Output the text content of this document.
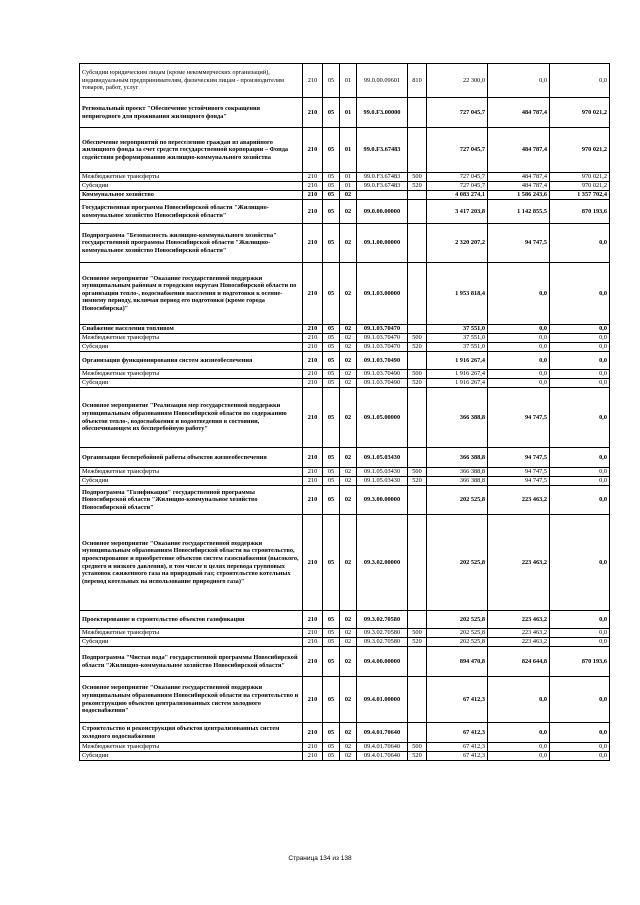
Субсидии юридическим лицам (кроме некоммерческих организаций), индивидуальным предпринимателям, физическим лицам - производителям товаров, работ, услуг	210	05	01	99.0.00.09601	810	22 300,0	0,0	0,0
Региональный проект "Обеспечение устойчивого сокращения непригодного для проживания жилищного фонда"	210	05	01	99.0.F3.00000		727 045,7	484 787,4	970 021,2
Обеспечение мероприятий по переселению граждан из аварийного жилищного фонда за счет средств государственной корпорации – Фонда содействия реформированию жилищно-коммунального хозяйства	210	05	01	99.0.F3.67483		727 045,7	484 787,4	970 021,2
Межбюджетные трансферты	210	05	01	99.0.F3.67483	500	727 045,7	484 787,4	970 021,2
Субсидии	210	05	01	99.0.F3.67483	520	727 045,7	484 787,4	970 021,2
Коммунальное хозяйство	210	05	02			4 083 274,1	1 586 243,6	1 357 702,4
Государственная программа Новосибирской области "Жилищно-коммунальное хозяйство Новосибирской области"	210	05	02	09.0.00.00000		3 417 203,8	1 142 855,5	870 193,6
Подпрограмма "Безопасность жилищно-коммунального хозяйства" государственной программы Новосибирской области "Жилищно-коммунальное хозяйство Новосибирской области"	210	05	02	09.1.00.00000		2 320 207,2	94 747,5	0,0
Основное мероприятие "Оказание государственной поддержки муниципальным районам и городским округам Новосибирской области по организации тепло-, водоснабжения населения и подготовки к осенне-зимнему периоду, включая период его подготовки (кроме города Новосибирска)"	210	05	02	09.1.03.00000		1 953 818,4	0,0	0,0
Снабжение населения топливом	210	05	02	09.1.03.70470		37 551,0	0,0	0,0
Межбюджетные трансферты	210	05	02	09.1.03.70470	500	37 551,0	0,0	0,0
Субсидии	210	05	02	09.1.03.70470	520	37 551,0	0,0	0,0
Организация функционирования систем жизнеобеспечения	210	05	02	09.1.03.70490		1 916 267,4	0,0	0,0
Межбюджетные трансферты	210	05	02	09.1.03.70490	500	1 916 267,4	0,0	0,0
Субсидии	210	05	02	09.1.03.70490	520	1 916 267,4	0,0	0,0
Основное мероприятие "Реализация мер государственной поддержки муниципальным образованиям Новосибирской области по содержанию объектов тепло-, водоснабжения и водоотведения в состоянии, обеспечивающем их бесперебойную работу"	210	05	02	09.1.05.00000		366 388,8	94 747,5	0,0
Организация бесперебойной работы объектов жизнеобеспечения	210	05	02	09.1.05.03430		366 388,8	94 747,5	0,0
Межбюджетные трансферты	210	05	02	09.1.05.03430	500	366 388,8	94 747,5	0,0
Субсидии	210	05	02	09.1.05.03430	520	366 388,8	94 747,5	0,0
Подпрограмма "Газификация" государственной программы Новосибирской области "Жилищно-коммунальное хозяйство Новосибирской области"	210	05	02	09.3.00.00000		202 525,8	223 463,2	0,0
Основное мероприятие "Оказание государственной поддержки муниципальным образованиям Новосибирской области на строительство, проектирование и приобретение объектов систем газоснабжения (высокого, среднего и низкого давления), в том числе в целях перевода групповых установок сжиженного газа на природный газ; строительство котельных (перевод котельных на использование природного газа)"	210	05	02	09.3.02.00000		202 525,8	223 463,2	0,0
Проектирование и строительство объектов газификации	210	05	02	09.3.02.70580		202 525,8	223 463,2	0,0
Межбюджетные трансферты	210	05	02	09.3.02.70580	500	202 525,8	223 463,2	0,0
Субсидии	210	05	02	09.3.02.70580	520	202 525,8	223 463,2	0,0
Подпрограмма "Чистая вода" государственной программы Новосибирской области "Жилищно-коммунальное хозяйство Новосибирской области"	210	05	02	09.4.00.00000		894 470,8	824 644,8	870 193,6
Основное мероприятие "Оказание государственной поддержки муниципальным образованиям Новосибирской области на строительство и реконструкцию объектов централизованных систем холодного водоснабжения"	210	05	02	09.4.01.00000		67 412,3	0,0	0,0
Строительство и реконструкция объектов централизованных систем холодного водоснабжения	210	05	02	09.4.01.70640		67 412,3	0,0	0,0
Межбюджетные трансферты	210	05	02	09.4.01.70640	500	67 412,3	0,0	0,0
Субсидии	210	05	02	09.4.01.70640	520	67 412,3	0,0	0,0
Страница 134 из 138
